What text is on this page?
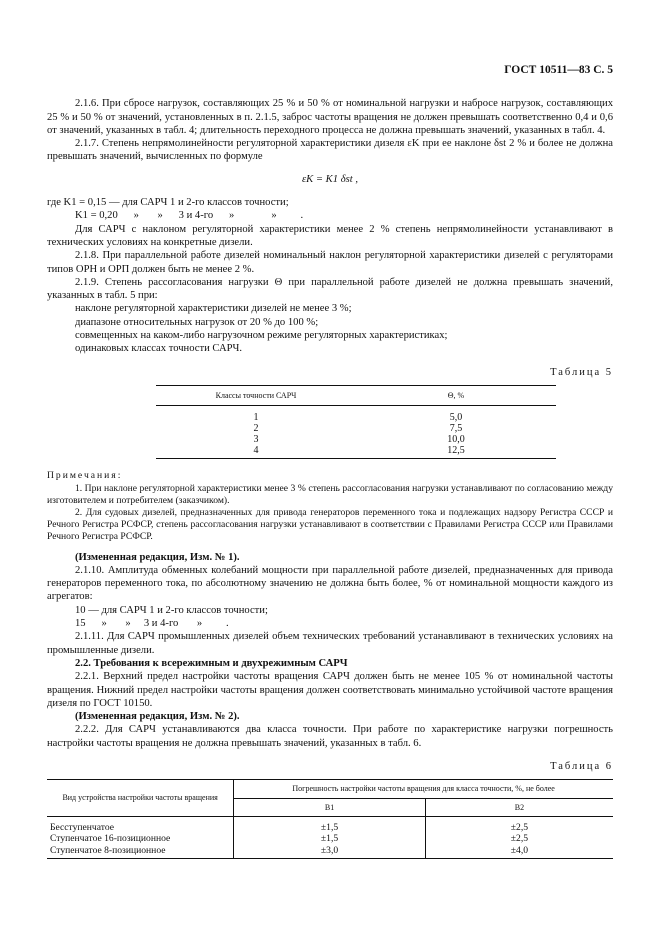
ГОСТ 10511—83 С. 5

2.1.6. При сбросе нагрузок, составляющих 25 % и 50 % от номинальной нагрузки и набросе нагрузок, составляющих 25 % и 50 % от значений, установленных в п. 2.1.5, заброс частоты вращения не должен превышать соответственно 0,4 и 0,6 от значений, указанных в табл. 4; длительность переходного процесса не должна превышать значений, указанных в табл. 4.

2.1.7. Степень непрямолинейности регуляторной характеристики дизеля εK при ее наклоне δst 2 % и более не должна превышать значений, вычисленных по формуле

εK = K1 δst ,

где K1 = 0,15 — для САРЧ 1 и 2-го классов точности;

K1 = 0,20      »       »      3 и 4-го      »              »         .

Для САРЧ с наклоном регуляторной характеристики менее 2 % степень непрямолинейности устанавливают в технических условиях на конкретные дизели.

2.1.8. При параллельной работе дизелей номинальный наклон регуляторной характеристики дизелей с регуляторами типов ОРН и ОРП должен быть не менее 2 %.

2.1.9. Степень рассогласования нагрузки Θ при параллельной работе дизелей не должна превышать значений, указанных в табл. 5 при:

наклоне регуляторной характеристики дизелей не менее 3 %;

диапазоне относительных нагрузок от 20 % до 100 %;

совмещенных на каком-либо нагрузочном режиме регуляторных характеристиках;

одинаковых классах точности САРЧ.

Таблица 5
Классы точности САРЧ	Θ, %
1	5,0
2	7,5
3	10,0
4	12,5
Примечания:

1. При наклоне регуляторной характеристики менее 3 % степень рассогласования нагрузки устанавливают по согласованию между изготовителем и потребителем (заказчиком).

2. Для судовых дизелей, предназначенных для привода генераторов переменного тока и подлежащих надзору Регистра СССР и Речного Регистра РСФСР, степень рассогласования нагрузки устанавливают в соответствии с Правилами Регистра СССР или Правилами Речного Регистра РСФСР.

(Измененная редакция, Изм. № 1).

2.1.10. Амплитуда обменных колебаний мощности при параллельной работе дизелей, предназначенных для привода генераторов переменного тока, по абсолютному значению не должна быть более, % от номинальной мощности каждого из агрегатов:

10 — для САРЧ 1 и 2-го классов точности;

15      »       »     3 и 4-го       »         .

2.1.11. Для САРЧ промышленных дизелей объем технических требований устанавливают в технических условиях на промышленные дизели.

2.2. Требования к всережимным и двухрежимным САРЧ

2.2.1. Верхний предел настройки частоты вращения САРЧ должен быть не менее 105 % от номинальной частоты вращения. Нижний предел настройки частоты вращения должен соответствовать минимально устойчивой частоте вращения дизеля по ГОСТ 10150.

(Измененная редакция, Изм. № 2).

2.2.2. Для САРЧ устанавливаются два класса точности. При работе по характеристике нагрузки погрешность настройки частоты вращения не должна превышать значений, указанных в табл. 6.

Таблица 6
Вид устройства настройки частоты вращения	Погрешность настройки частоты вращения для класса точности, %, не более	
	В1	В2
Бесступенчатое	±1,5	±2,5
Ступенчатое 16-позиционное	±1,5	±2,5
Ступенчатое 8-позиционное	±3,0	±4,0
